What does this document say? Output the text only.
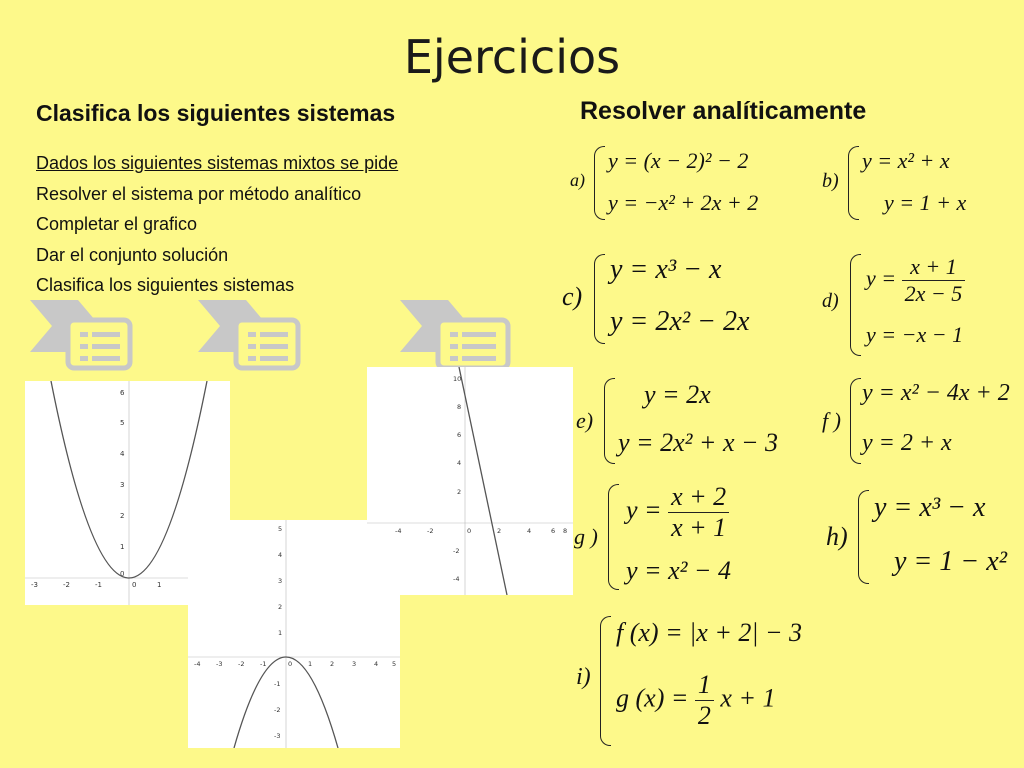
Ejercicios
Clasifica los siguientes sistemas	Resolver analíticamente
Dados los siguientes sistemas mixtos se pide
Resolver el sistema por método analítico
Completar el grafico
Dar el conjunto solución
Clasifica los siguientes sistemas
-3	-2	-1	0	1
6
5
4
3
2
1
0
-4 -3 -2 -1	0 1	2	3	4 5
5
4
3
2
1
-1
-2
-3
-4	-2	0	2	4	6 8
10
8
6
4
2
-2
-4
a)
y = (x − 2)² − 2
y = −x² + 2x + 2
b)
y = x² + x
y = 1 + x
c)
y = x³ − x
y = 2x² − 2x
d)
$y = \frac{x + 1}{2x - 5}$
y = −x − 1
e)
y = 2x
y = 2x² + x − 3
f )
y = x² − 4x + 2
y = 2 + x
g )
$y = \frac{x + 2}{x + 1}$
y = x² − 4
h)
y = x³ − x
y = 1 − x²
i)
f (x) = |x + 2| − 3
g $(x) = \frac{1}{2}$ x + 1
